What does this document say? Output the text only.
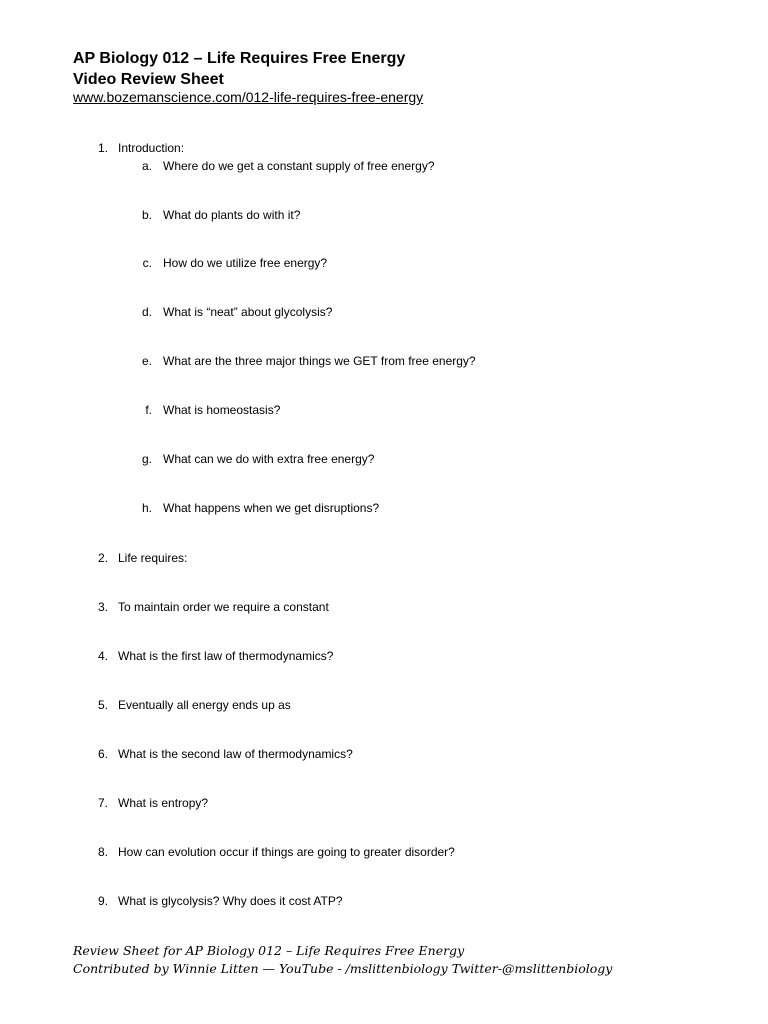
AP Biology 012 – Life Requires Free Energy
Video Review Sheet
www.bozemanscience.com/012-life-requires-free-energy
1. Introduction:
a. Where do we get a constant supply of free energy?
b. What do plants do with it?
c. How do we utilize free energy?
d. What is “neat” about glycolysis?
e. What are the three major things we GET from free energy?
f. What is homeostasis?
g. What can we do with extra free energy?
h. What happens when we get disruptions?
2. Life requires:
3. To maintain order we require a constant
4. What is the first law of thermodynamics?
5. Eventually all energy ends up as
6. What is the second law of thermodynamics?
7. What is entropy?
8. How can evolution occur if things are going to greater disorder?
9. What is glycolysis? Why does it cost ATP?
Review Sheet for AP Biology 012 – Life Requires Free Energy
Contributed by Winnie Litten — YouTube - /mslittenbiology Twitter-@mslittenbiology
